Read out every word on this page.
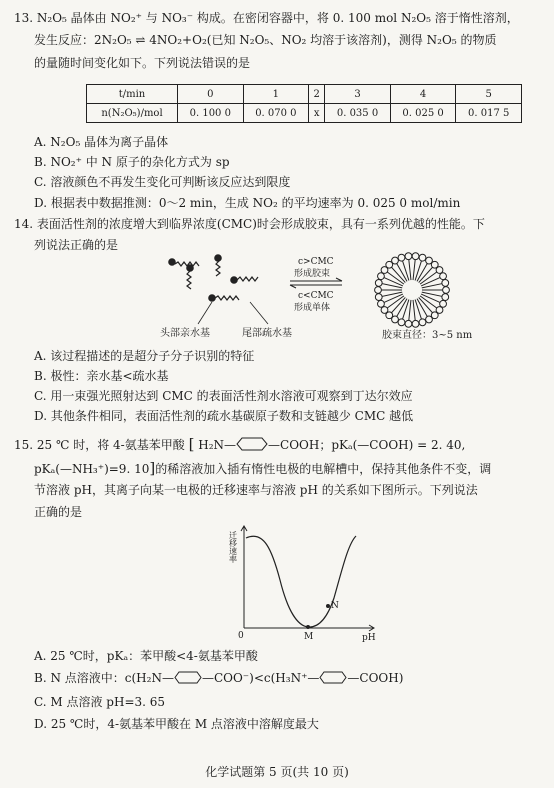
13. N₂O₅ 晶体由 NO₂⁺ 与 NO₃⁻ 构成。在密闭容器中，将 0. 100 mol N₂O₅ 溶于惰性溶剂，
发生反应：2N₂O₅ ⇌ 4NO₂+O₂(已知 N₂O₅、NO₂ 均溶于该溶剂)，测得 N₂O₅ 的物质
的量随时间变化如下。下列说法错误的是
t/min	0	1	2	3	4	5
n(N₂O₅)/mol	0. 100 0	0. 070 0	x	0. 035 0	0. 025 0	0. 017 5
A. N₂O₅ 晶体为离子晶体
B. NO₂⁺ 中 N 原子的杂化方式为 sp
C. 溶液颜色不再发生变化可判断该反应达到限度
D. 根据表中数据推测：0～2 min，生成 NO₂ 的平均速率为 0. 025 0 mol/min
14. 表面活性剂的浓度增大到临界浓度(CMC)时会形成胶束，具有一系列优越的性能。下
列说法正确的是
头部亲水基	尾部疏水基
c>CMC
形成胶束
c<CMC
形成单体
胶束直径：3~5 nm
A. 该过程描述的是超分子分子识别的特征
B. 极性：亲水基<疏水基
C. 用一束强光照射达到 CMC 的表面活性剂水溶液可观察到丁达尔效应
D. 其他条件相同，表面活性剂的疏水基碳原子数和支链越少 CMC 越低
15. 25 ℃ 时，将 4-氨基苯甲酸 [ H₂N—	—COOH；pKₐ(—COOH) = 2. 40,
pKₐ(—NH₃⁺)=9. 10]的稀溶液加入插有惰性电极的电解槽中，保持其他条件不变，调
节溶液 pH，其离子向某一电极的迁移速率与溶液 pH 的关系如下图所示。下列说法
正确的是
迁移速率
0	M
N
pH
A. 25 ℃时，pKₐ：苯甲酸<4-氨基苯甲酸
B. N 点溶液中：c(H₂N— —COO⁻)<c(H₃N⁺— —COOH)
C. M 点溶液 pH=3. 65
D. 25 ℃时，4-氨基苯甲酸在 M 点溶液中溶解度最大
化学试题第 5 页(共 10 页)
